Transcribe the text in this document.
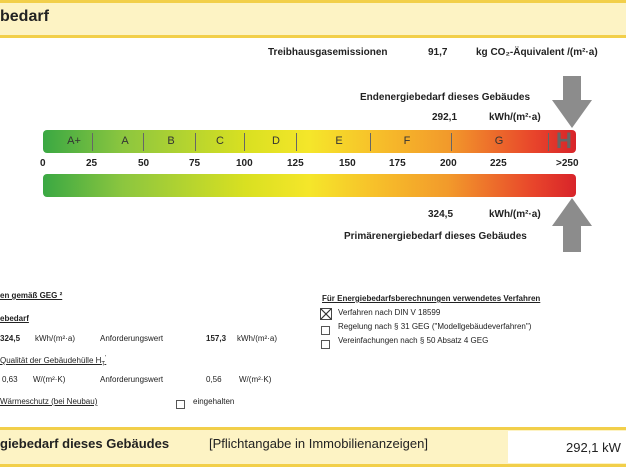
bedarf
Treibhausgasemissionen	91,7	kg CO₂-Äquivalent /(m²·a)
Endenergiebedarf dieses Gebäudes
292,1	kWh/(m²·a)
A+	A	B	C	D	E	F	G	H
0	25	50	75	100	125	150	175	200	225	>250
324,5	kWh/(m²·a)
Primärenergiebedarf dieses Gebäudes
en gemäß GEG ²
ebedarf
324,5 kWh/(m²·a)	Anforderungswert	157,3 kWh/(m²·a)
Qualität der Gebäudehülle $H_T'$
0,63 W/(m²·K)	Anforderungswert	0,56 W/(m²·K)
Wärmeschutz (bei Neubau)	eingehalten
Für Energiebedarfsberechnungen verwendetes Verfahren
Verfahren nach DIN V 18599
Regelung nach § 31 GEG ("Modellgebäudeverfahren")
Vereinfachungen nach § 50 Absatz 4 GEG
giebedarf dieses Gebäudes	[Pflichtangabe in Immobilienanzeigen]	292,1 kW
